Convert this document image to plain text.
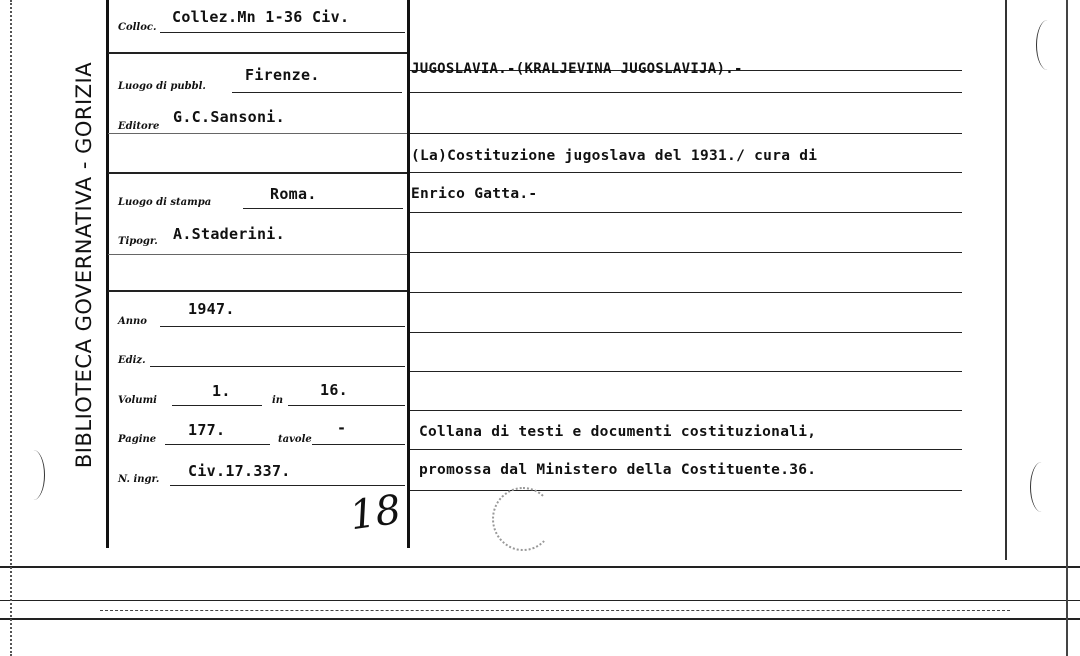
BIBLIOTECA GOVERNATIVA - GORIZIA
Colloc.
Collez.Mn 1-36 Civ.
Luogo di pubbl.
Firenze.
Editore
G.C.Sansoni.
Luogo di stampa	Roma.
Tipogr. A.Staderini.
Anno
1947.
Ediz.
Volumi
1.
in
16.
Pagine
177.
tavole
-
N. ingr. Civ.17.337.
18
JUGOSLAVIA.-(KRALJEVINA JUGOSLAVIJA).-
(La)Costituzione jugoslava del 1931./ cura di
Enrico Gatta.-
Collana di testi e documenti costituzionali,
promossa dal Ministero della Costituente.36.
